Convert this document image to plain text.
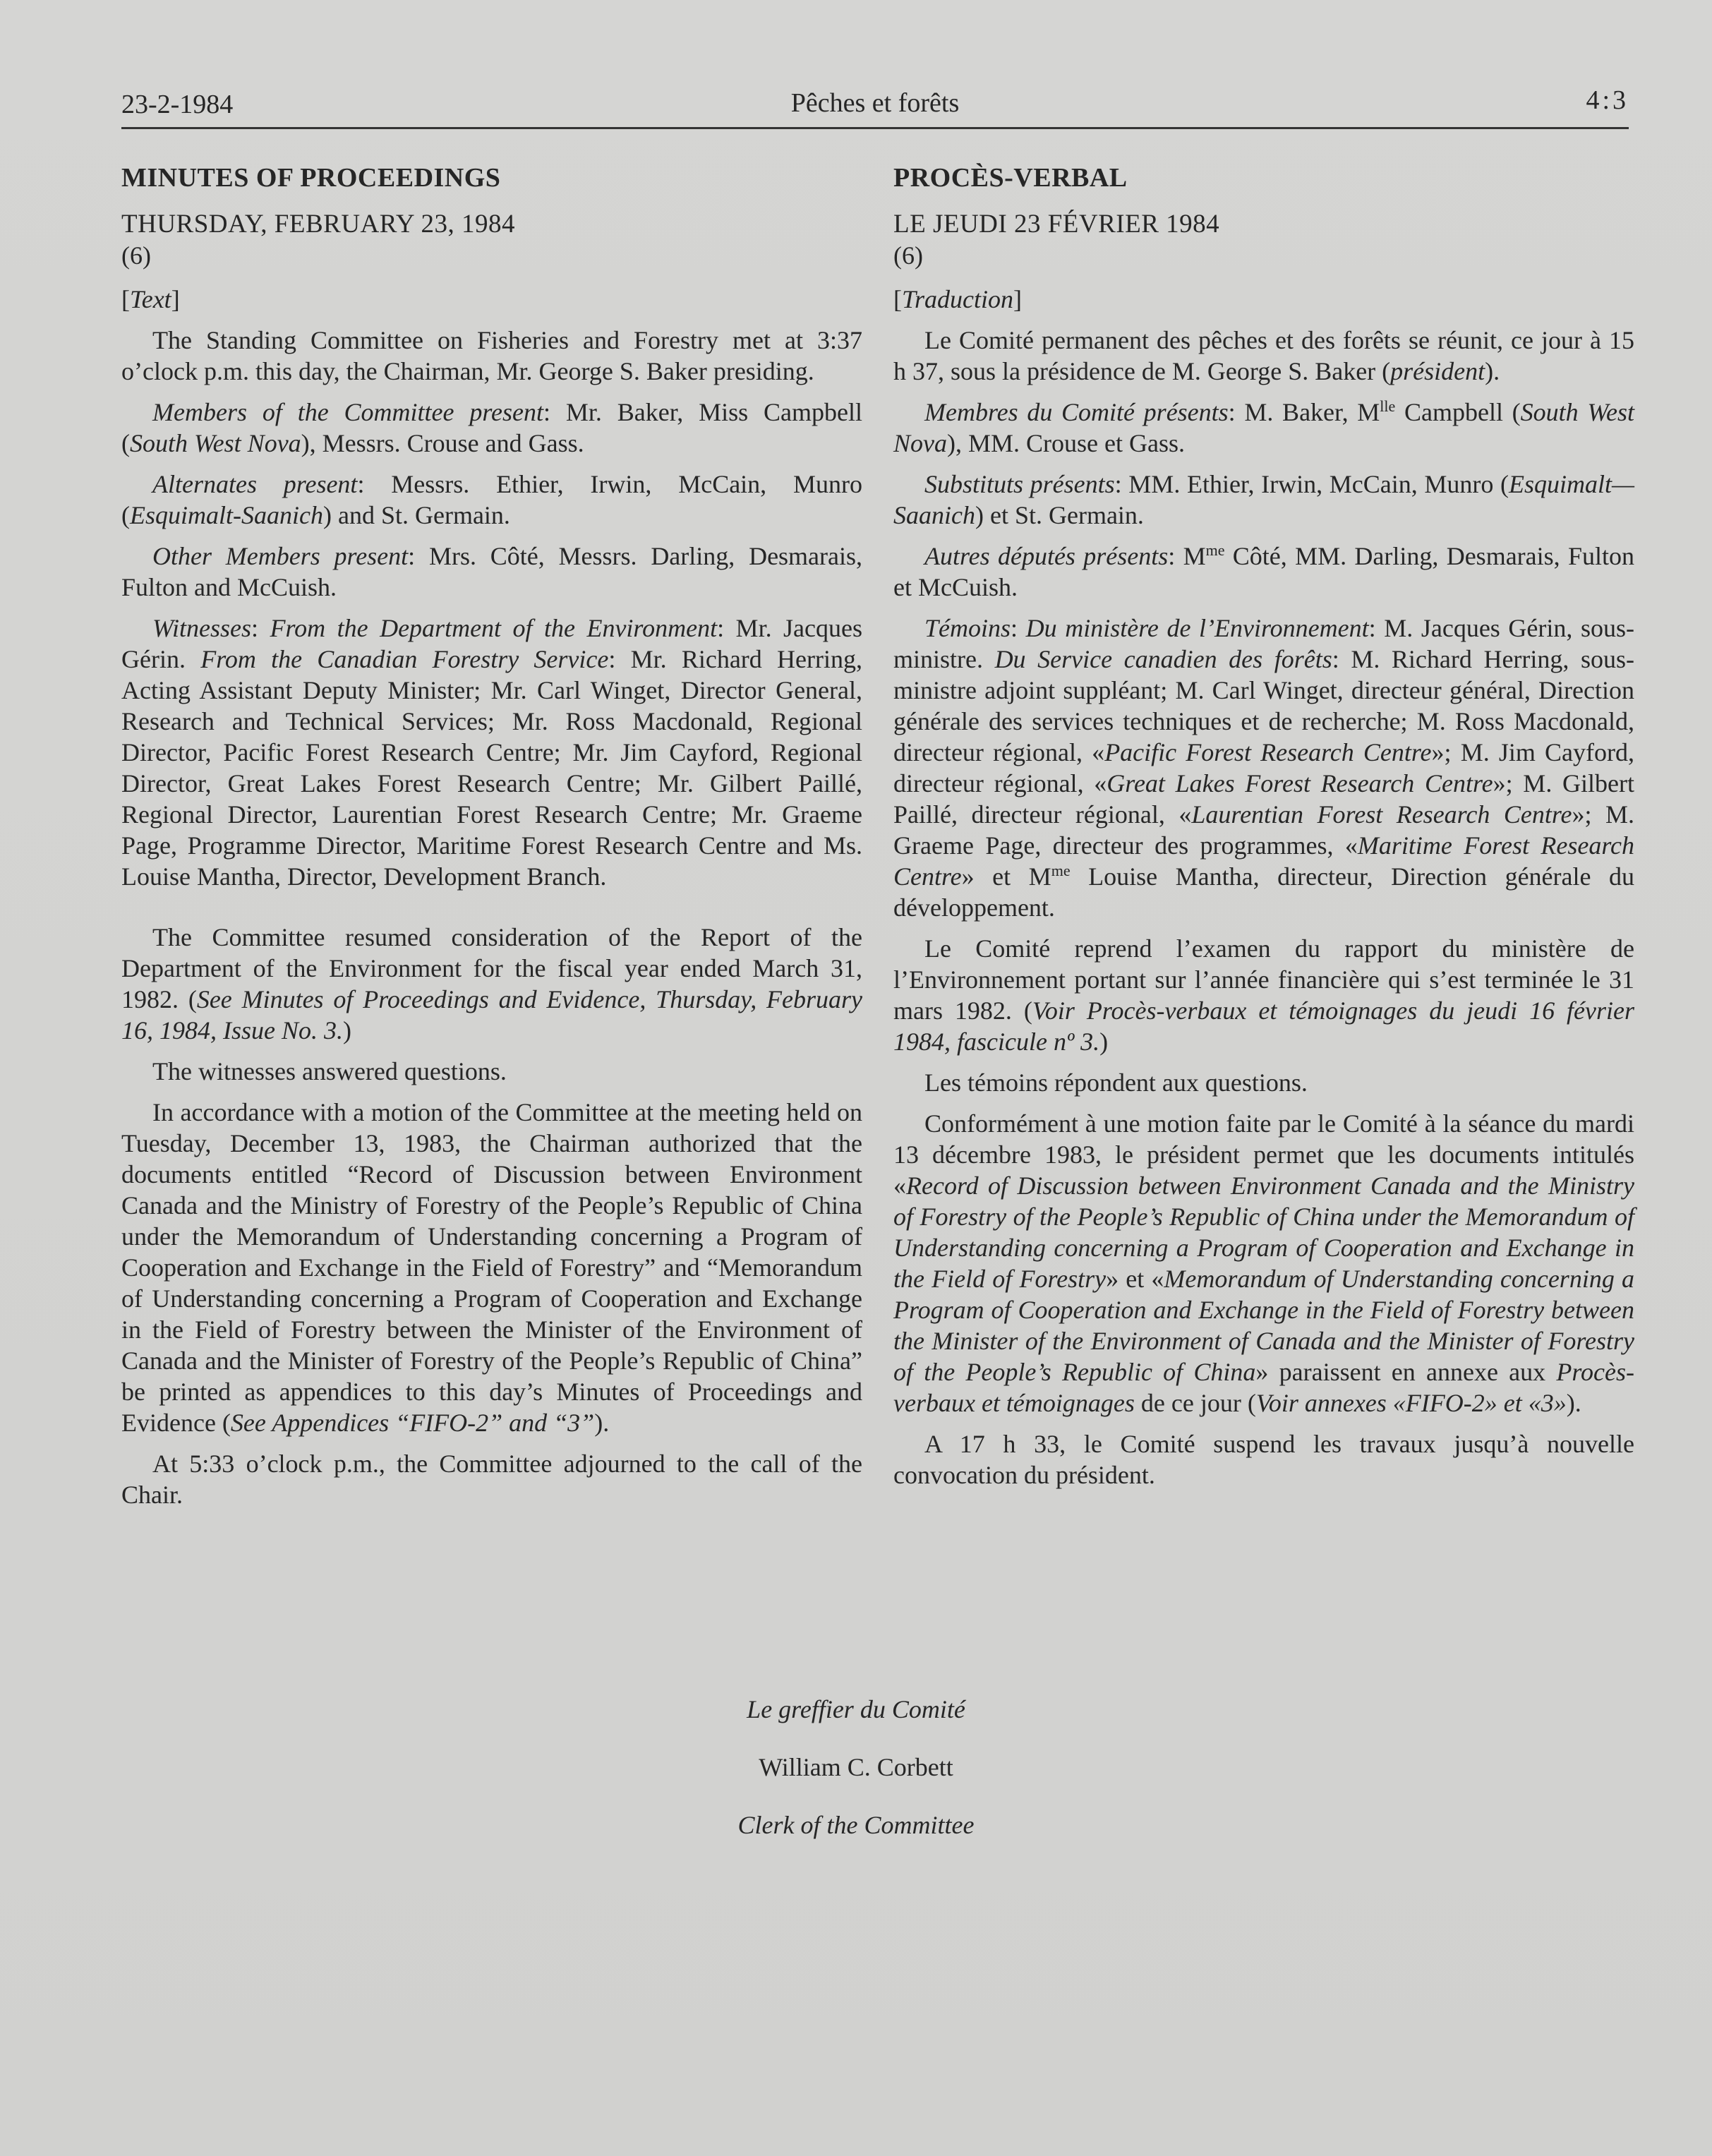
23-2-1984	Pêches et forêts	4:3
MINUTES OF PROCEEDINGS
THURSDAY, FEBRUARY 23, 1984
(6)

[Text]

The Standing Committee on Fisheries and Forestry met at 3:37 o’clock p.m. this day, the Chairman, Mr. George S. Baker presiding.

Members of the Committee present: Mr. Baker, Miss Campbell (South West Nova), Messrs. Crouse and Gass.

Alternates present: Messrs. Ethier, Irwin, McCain, Munro (Esquimalt-Saanich) and St. Germain.

Other Members present: Mrs. Côté, Messrs. Darling, Desmarais, Fulton and McCuish.

Witnesses: From the Department of the Environment: Mr. Jacques Gérin. From the Canadian Forestry Service: Mr. Richard Herring, Acting Assistant Deputy Minister; Mr. Carl Winget, Director General, Research and Technical Services; Mr. Ross Macdonald, Regional Director, Pacific Forest Research Centre; Mr. Jim Cayford, Regional Director, Great Lakes Forest Research Centre; Mr. Gilbert Paillé, Regional Director, Laurentian Forest Research Centre; Mr. Graeme Page, Programme Director, Maritime Forest Research Centre and Ms. Louise Mantha, Director, Development Branch.

The Committee resumed consideration of the Report of the Department of the Environment for the fiscal year ended March 31, 1982. (See Minutes of Proceedings and Evidence, Thursday, February 16, 1984, Issue No. 3.)

The witnesses answered questions.

In accordance with a motion of the Committee at the meeting held on Tuesday, December 13, 1983, the Chairman authorized that the documents entitled “Record of Discussion between Environment Canada and the Ministry of Forestry of the People’s Republic of China under the Memorandum of Understanding concerning a Program of Cooperation and Exchange in the Field of Forestry” and “Memorandum of Understanding concerning a Program of Cooperation and Exchange in the Field of Forestry between the Minister of the Environment of Canada and the Minister of Forestry of the People’s Republic of China” be printed as appendices to this day’s Minutes of Proceedings and Evidence (See Appendices “FIFO-2” and “3”).

At 5:33 o’clock p.m., the Committee adjourned to the call of the Chair.

PROCÈS-VERBAL
LE JEUDI 23 FÉVRIER 1984
(6)

[Traduction]

Le Comité permanent des pêches et des forêts se réunit, ce jour à 15 h 37, sous la présidence de M. George S. Baker (président).

Membres du Comité présents: M. Baker, $M^{lle}$ Campbell (South West Nova), MM. Crouse et Gass.

Substituts présents: MM. Ethier, Irwin, McCain, Munro (Esquimalt—Saanich) et St. Germain.

Autres députés présents: $M^{me}$ Côté, MM. Darling, Desmarais, Fulton et McCuish.

Témoins: Du ministère de l’Environnement: M. Jacques Gérin, sous-ministre. Du Service canadien des forêts: M. Richard Herring, sous-ministre adjoint suppléant; M. Carl Winget, directeur général, Direction générale des services techniques et de recherche; M. Ross Macdonald, directeur régional, «Pacific Forest Research Centre»; M. Jim Cayford, directeur régional, «Great Lakes Forest Research Centre»; M. Gilbert Paillé, directeur régional, «Laurentian Forest Research Centre»; M. Graeme Page, directeur des programmes, «Maritime Forest Research Centre» et $M^{me}$ Louise Mantha, directeur, Direction générale du développement.

Le Comité reprend l’examen du rapport du ministère de l’Environnement portant sur l’année financière qui s’est terminée le 31 mars 1982. (Voir Procès-verbaux et témoignages du jeudi 16 février 1984, fascicule nº 3.)

Les témoins répondent aux questions.

Conformément à une motion faite par le Comité à la séance du mardi 13 décembre 1983, le président permet que les documents intitulés «Record of Discussion between Environment Canada and the Ministry of Forestry of the People’s Republic of China under the Memorandum of Understanding concerning a Program of Cooperation and Exchange in the Field of Forestry» et «Memorandum of Understanding concerning a Program of Cooperation and Exchange in the Field of Forestry between the Minister of the Environment of Canada and the Minister of Forestry of the People’s Republic of China» paraissent en annexe aux Procès-verbaux et témoignages de ce jour (Voir annexes «FIFO-2» et «3»).

A 17 h 33, le Comité suspend les travaux jusqu’à nouvelle convocation du président.

Le greffier du Comité
William C. Corbett
Clerk of the Committee
